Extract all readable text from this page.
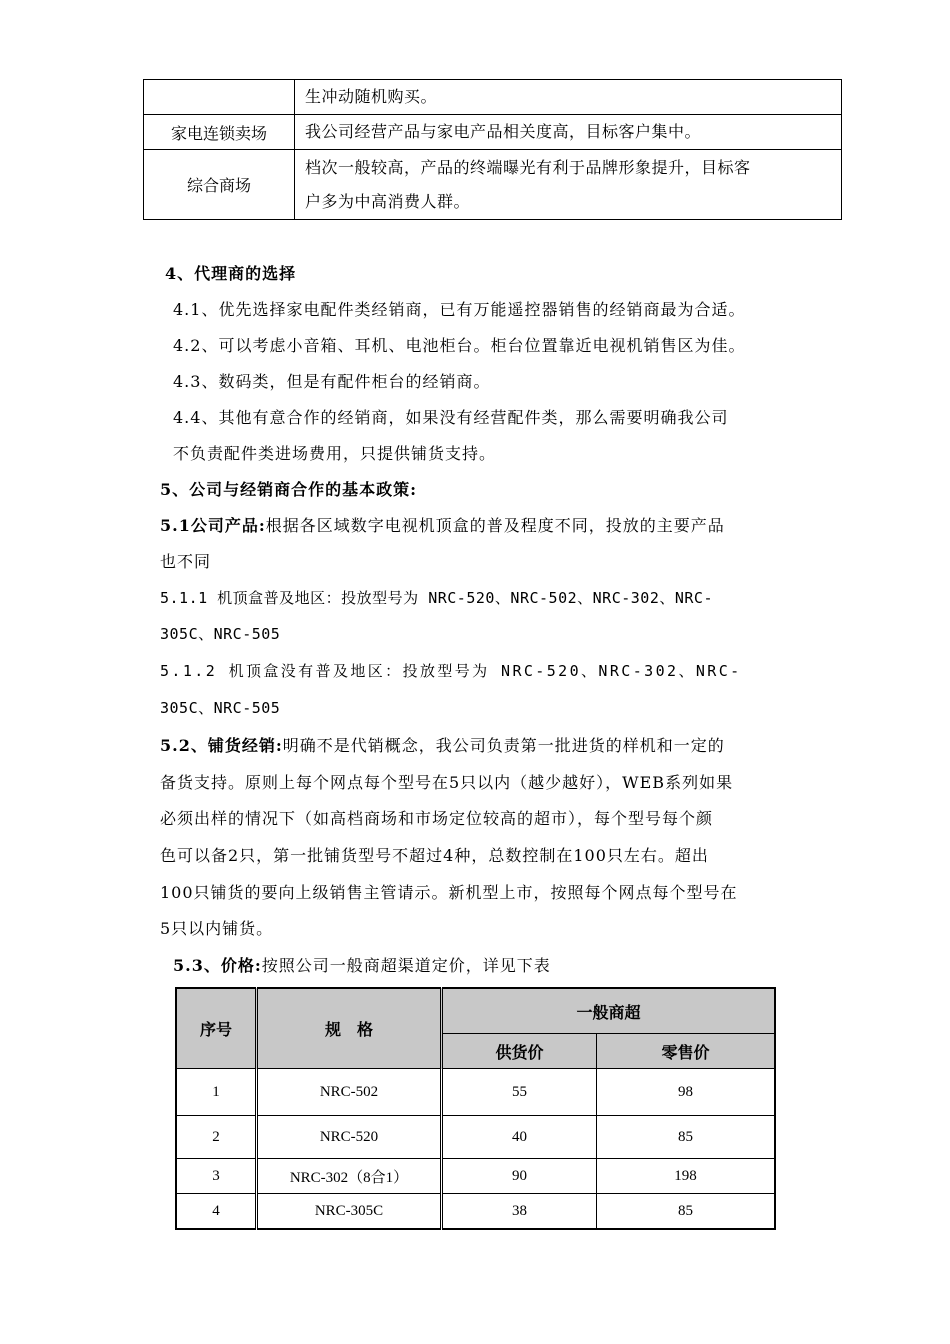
	生冲动随机购买。

家电连锁卖场	我公司经营产品与家电产品相关度高，目标客户集中。

综合商场	档次一般较高，产品的终端曝光有利于品牌形象提升，目标客
户多为中高消费人群。
4、代理商的选择
4.1、优先选择家电配件类经销商，已有万能遥控器销售的经销商最为合适。
4.2、可以考虑小音箱、耳机、电池柜台。柜台位置靠近电视机销售区为佳。
4.3、数码类，但是有配件柜台的经销商。
4.4、其他有意合作的经销商，如果没有经营配件类，那么需要明确我公司
不负责配件类进场费用，只提供铺货支持。
5、公司与经销商合作的基本政策:
5.1公司产品:根据各区域数字电视机顶盒的普及程度不同，投放的主要产品
也不同
5.1.1 机顶盒普及地区：投放型号为 NRC-520、NRC-502、NRC-302、NRC-
305C、NRC-505
5.1.2 机顶盒没有普及地区：投放型号为 NRC-520、NRC-302、NRC-
305C、NRC-505
5.2、铺货经销:明确不是代销概念，我公司负责第一批进货的样机和一定的
备货支持。原则上每个网点每个型号在5只以内（越少越好），WEB系列如果
必须出样的情况下（如高档商场和市场定位较高的超市），每个型号每个颜
色可以备2只，第一批铺货型号不超过4种，总数控制在100只左右。超出
100只铺货的要向上级销售主管请示。新机型上市，按照每个网点每个型号在
5只以内铺货。
5.3、价格:按照公司一般商超渠道定价，详见下表
序号	规　格	一般商超	
		供货价	零售价
1	NRC-502	55	98
2	NRC-520	40	85
3	NRC-302（8合1）	90	198
4	NRC-305C	38	85
